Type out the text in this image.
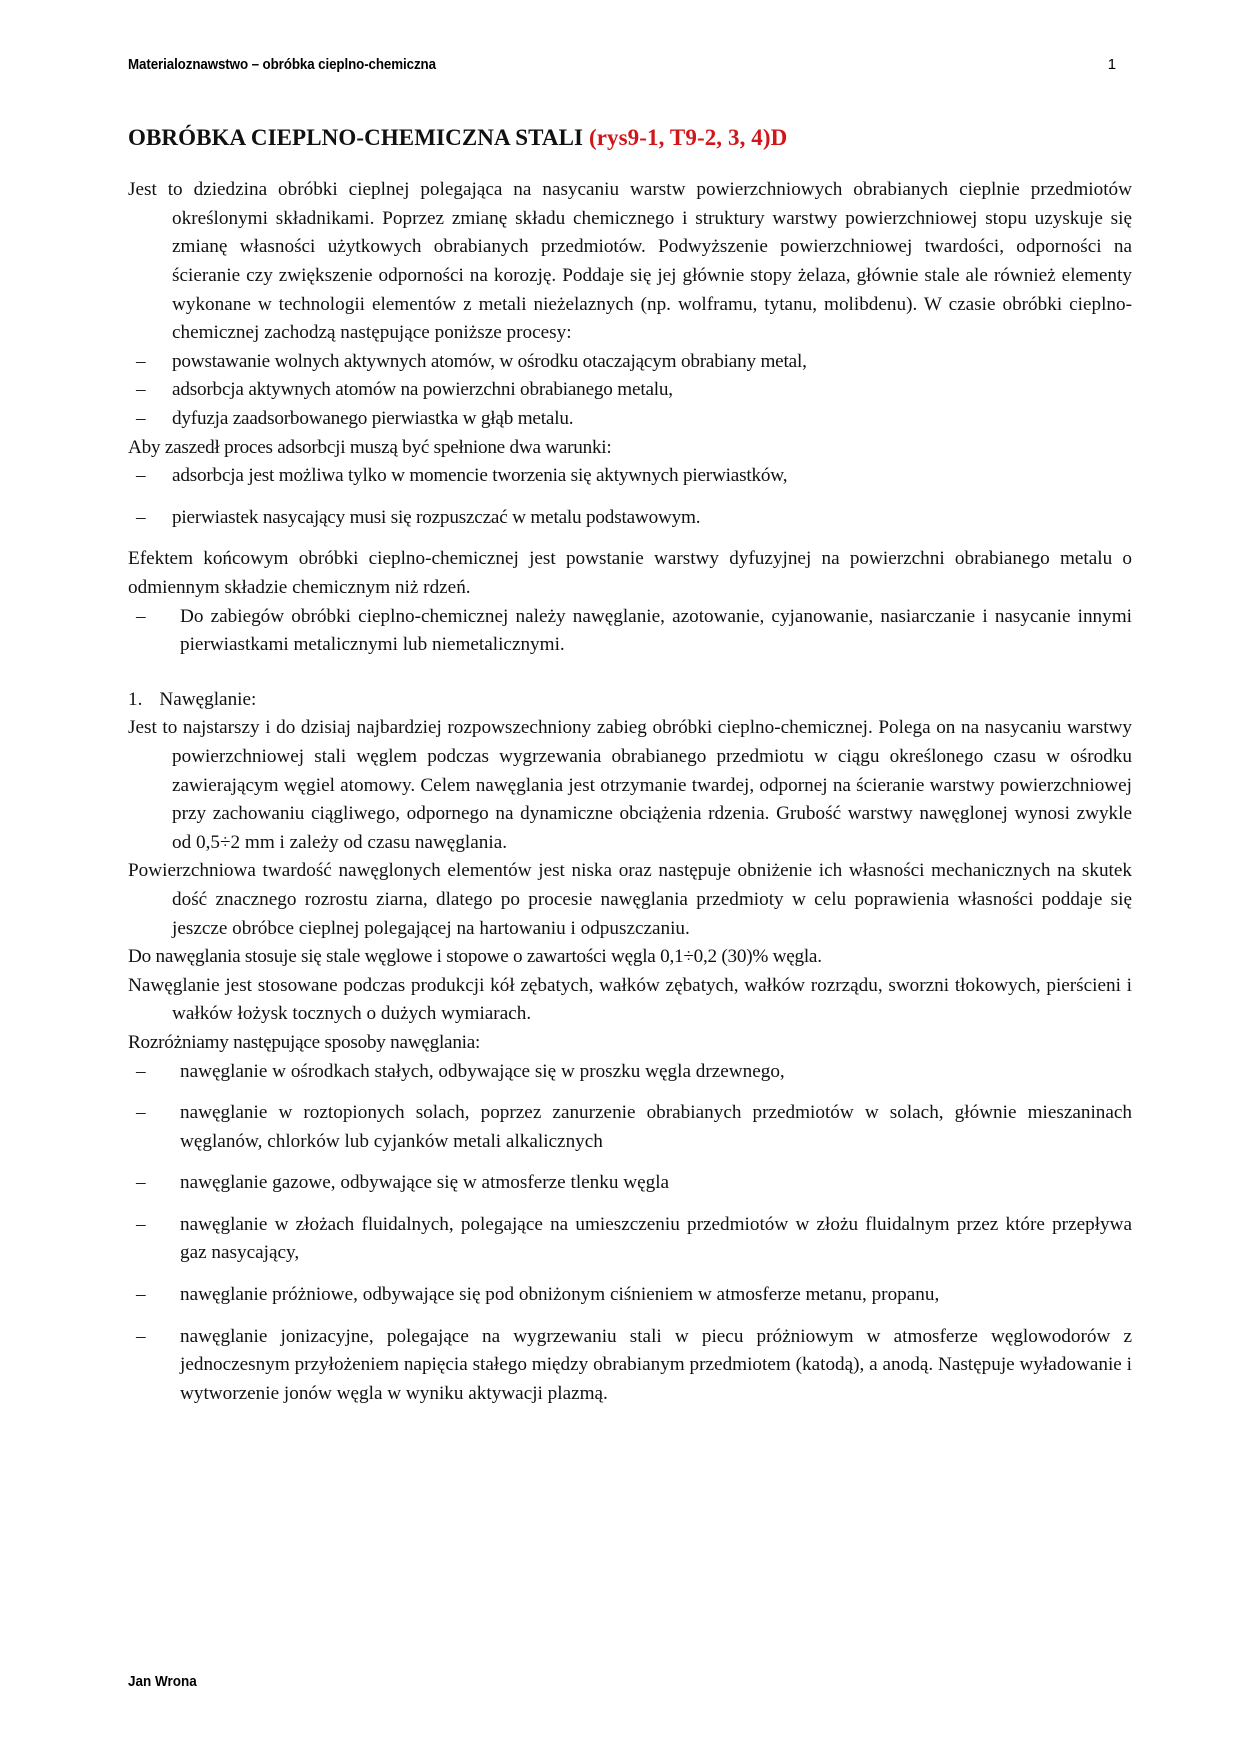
Materialoznawstwo – obróbka cieplno-chemiczna	1
OBRÓBKA CIEPLNO-CHEMICZNA STALI (rys9-1, T9-2, 3, 4)D

Jest to dziedzina obróbki cieplnej polegająca na nasycaniu warstw powierzchniowych obrabianych cieplnie przedmiotów określonymi składnikami. Poprzez zmianę składu chemicznego i struktury warstwy powierzchniowej stopu uzyskuje się zmianę własności użytkowych obrabianych przedmiotów. Podwyższenie powierzchniowej twardości, odporności na ścieranie czy zwiększenie odporności na korozję. Poddaje się jej głównie stopy żelaza, głównie stale ale również elementy wykonane w technologii elementów z metali nieżelaznych (np. wolframu, tytanu, molibdenu). W czasie obróbki cieplno-chemicznej zachodzą następujące poniższe procesy:

– powstawanie wolnych aktywnych atomów, w ośrodku otaczającym obrabiany metal,
– adsorbcja aktywnych atomów na powierzchni obrabianego metalu,
– dyfuzja zaadsorbowanego pierwiastka w głąb metalu.

Aby zaszedł proces adsorbcji muszą być spełnione dwa warunki:

– adsorbcja jest możliwa tylko w momencie tworzenia się aktywnych pierwiastków,
– pierwiastek nasycający musi się rozpuszczać w metalu podstawowym.

Efektem końcowym obróbki cieplno-chemicznej jest powstanie warstwy dyfuzyjnej na powierzchni obrabianego metalu o odmiennym składzie chemicznym niż rdzeń.

– Do zabiegów obróbki cieplno-chemicznej należy nawęglanie, azotowanie, cyjanowanie, nasiarczanie i nasycanie innymi pierwiastkami metalicznymi lub niemetalicznymi.

1. Nawęglanie:

Jest to najstarszy i do dzisiaj najbardziej rozpowszechniony zabieg obróbki cieplno-chemicznej. Polega on na nasycaniu warstwy powierzchniowej stali węglem podczas wygrzewania obrabianego przedmiotu w ciągu określonego czasu w ośrodku zawierającym węgiel atomowy. Celem nawęglania jest otrzymanie twardej, odpornej na ścieranie warstwy powierzchniowej przy zachowaniu ciągliwego, odpornego na dynamiczne obciążenia rdzenia. Grubość warstwy nawęglonej wynosi zwykle od 0,5÷2 mm i zależy od czasu nawęglania.

Powierzchniowa twardość nawęglonych elementów jest niska oraz następuje obniżenie ich własności mechanicznych na skutek dość znacznego rozrostu ziarna, dlatego po procesie nawęglania przedmioty w celu poprawienia własności poddaje się jeszcze obróbce cieplnej polegającej na hartowaniu i odpuszczaniu.

Do nawęglania stosuje się stale węglowe i stopowe o zawartości węgla 0,1÷0,2 (30)% węgla.

Nawęglanie jest stosowane podczas produkcji kół zębatych, wałków zębatych, wałków rozrządu, sworzni tłokowych, pierścieni i wałków łożysk tocznych o dużych wymiarach.

Rozróżniamy następujące sposoby nawęglania:

– nawęglanie w ośrodkach stałych, odbywające się w proszku węgla drzewnego,
– nawęglanie w roztopionych solach, poprzez zanurzenie obrabianych przedmiotów w solach, głównie mieszaninach węglanów, chlorków lub cyjanków metali alkalicznych
– nawęglanie gazowe, odbywające się w atmosferze tlenku węgla
– nawęglanie w złożach fluidalnych, polegające na umieszczeniu przedmiotów w złożu fluidalnym przez które przepływa gaz nasycający,
– nawęglanie próżniowe, odbywające się pod obniżonym ciśnieniem w atmosferze metanu, propanu,
– nawęglanie jonizacyjne, polegające na wygrzewaniu stali w piecu próżniowym w atmosferze węglowodorów z jednoczesnym przyłożeniem napięcia stałego między obrabianym przedmiotem (katodą), a anodą. Następuje wyładowanie i wytworzenie jonów węgla w wyniku aktywacji plazmą.
Jan Wrona
